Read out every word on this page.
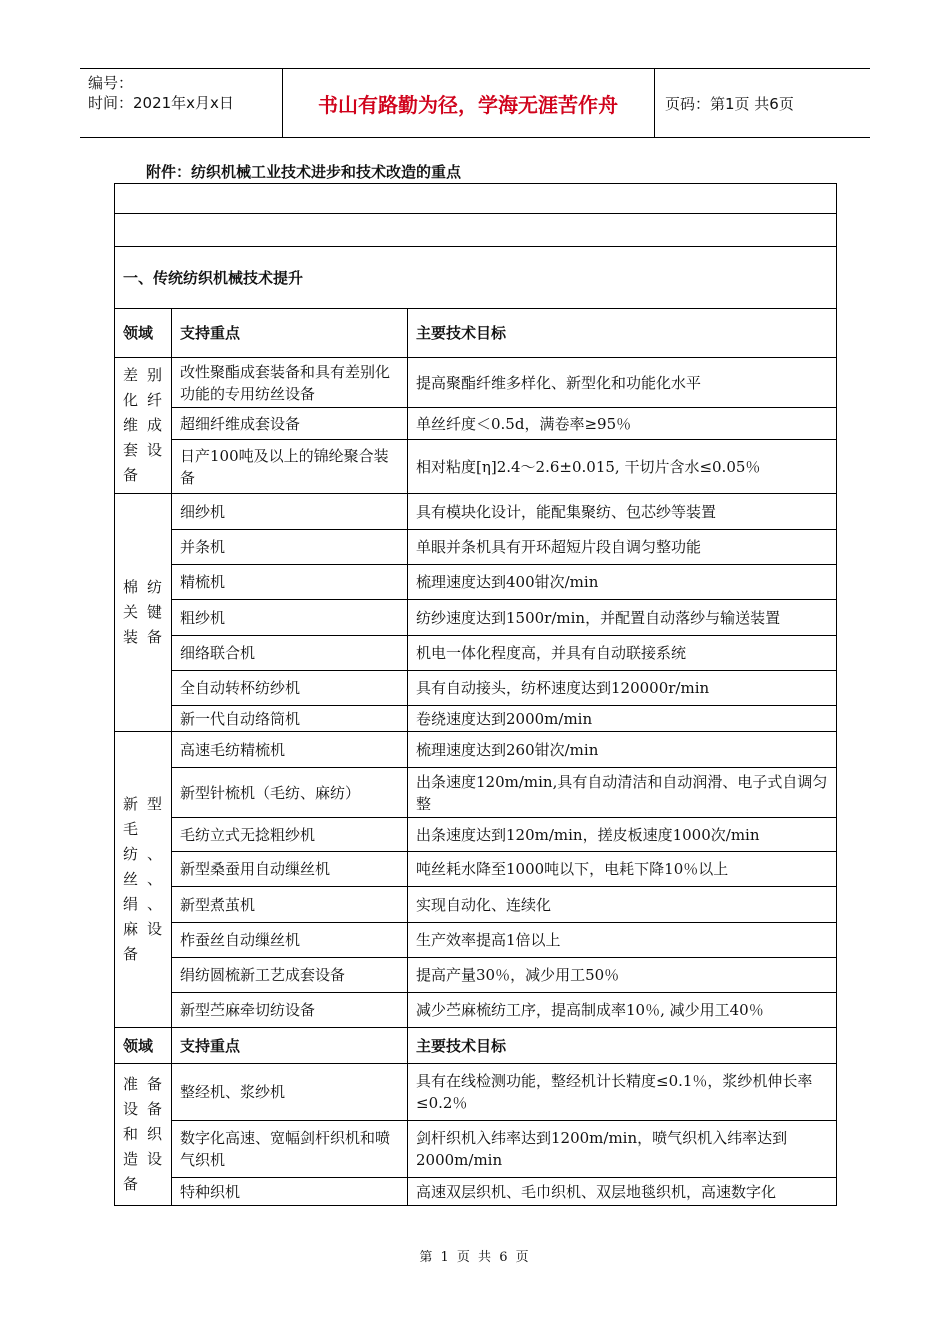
编号：
时间：2021年x月x日	书山有路勤为径，学海无涯苦作舟	页码：第1页 共6页
附件：纺织机械工业技术进步和技术改造的重点

一、传统纺织机械技术提升		
领域	支持重点	主要技术目标
差别化纤维成套设备	改性聚酯成套装备和具有差别化功能的专用纺丝设备	提高聚酯纤维多样化、新型化和功能化水平
	超细纤维成套设备	单丝纤度＜0.5d，满卷率≥95％
	日产100吨及以上的锦纶聚合装备	相对粘度[η]2.4～2.6±0.015, 干切片含水≤0.05％
棉纺关键装备	细纱机	具有模块化设计，能配集聚纺、包芯纱等装置
	并条机	单眼并条机具有开环超短片段自调匀整功能
	精梳机	梳理速度达到400钳次/min
	粗纱机	纺纱速度达到1500r/min，并配置自动落纱与输送装置
	细络联合机	机电一体化程度高，并具有自动联接系统
	全自动转杯纺纱机	具有自动接头，纺杯速度达到120000r/min
	新一代自动络筒机	卷绕速度达到2000m/min
新型毛纺、丝、绢、麻设备	高速毛纺精梳机	梳理速度达到260钳次/min
	新型针梳机（毛纺、麻纺）	出条速度120m/min,具有自动清洁和自动润滑、电子式自调匀整
	毛纺立式无捻粗纱机	出条速度达到120m/min，搓皮板速度1000次/min
	新型桑蚕用自动缫丝机	吨丝耗水降至1000吨以下，电耗下降10％以上
	新型煮茧机	实现自动化、连续化
	柞蚕丝自动缫丝机	生产效率提高1倍以上
	绢纺圆梳新工艺成套设备	提高产量30％，减少用工50％
	新型苎麻牵切纺设备	减少苎麻梳纺工序，提高制成率10％, 减少用工40％
领域	支持重点	主要技术目标
准备设备和织造设备	整经机、浆纱机	具有在线检测功能，整经机计长精度≤0.1％，浆纱机伸长率≤0.2％
	数字化高速、宽幅剑杆织机和喷气织机	剑杆织机入纬率达到1200m/min，喷气织机入纬率达到2000m/min
	特种织机	高速双层织机、毛巾织机、双层地毯织机，高速数字化
第 1 页 共 6 页
